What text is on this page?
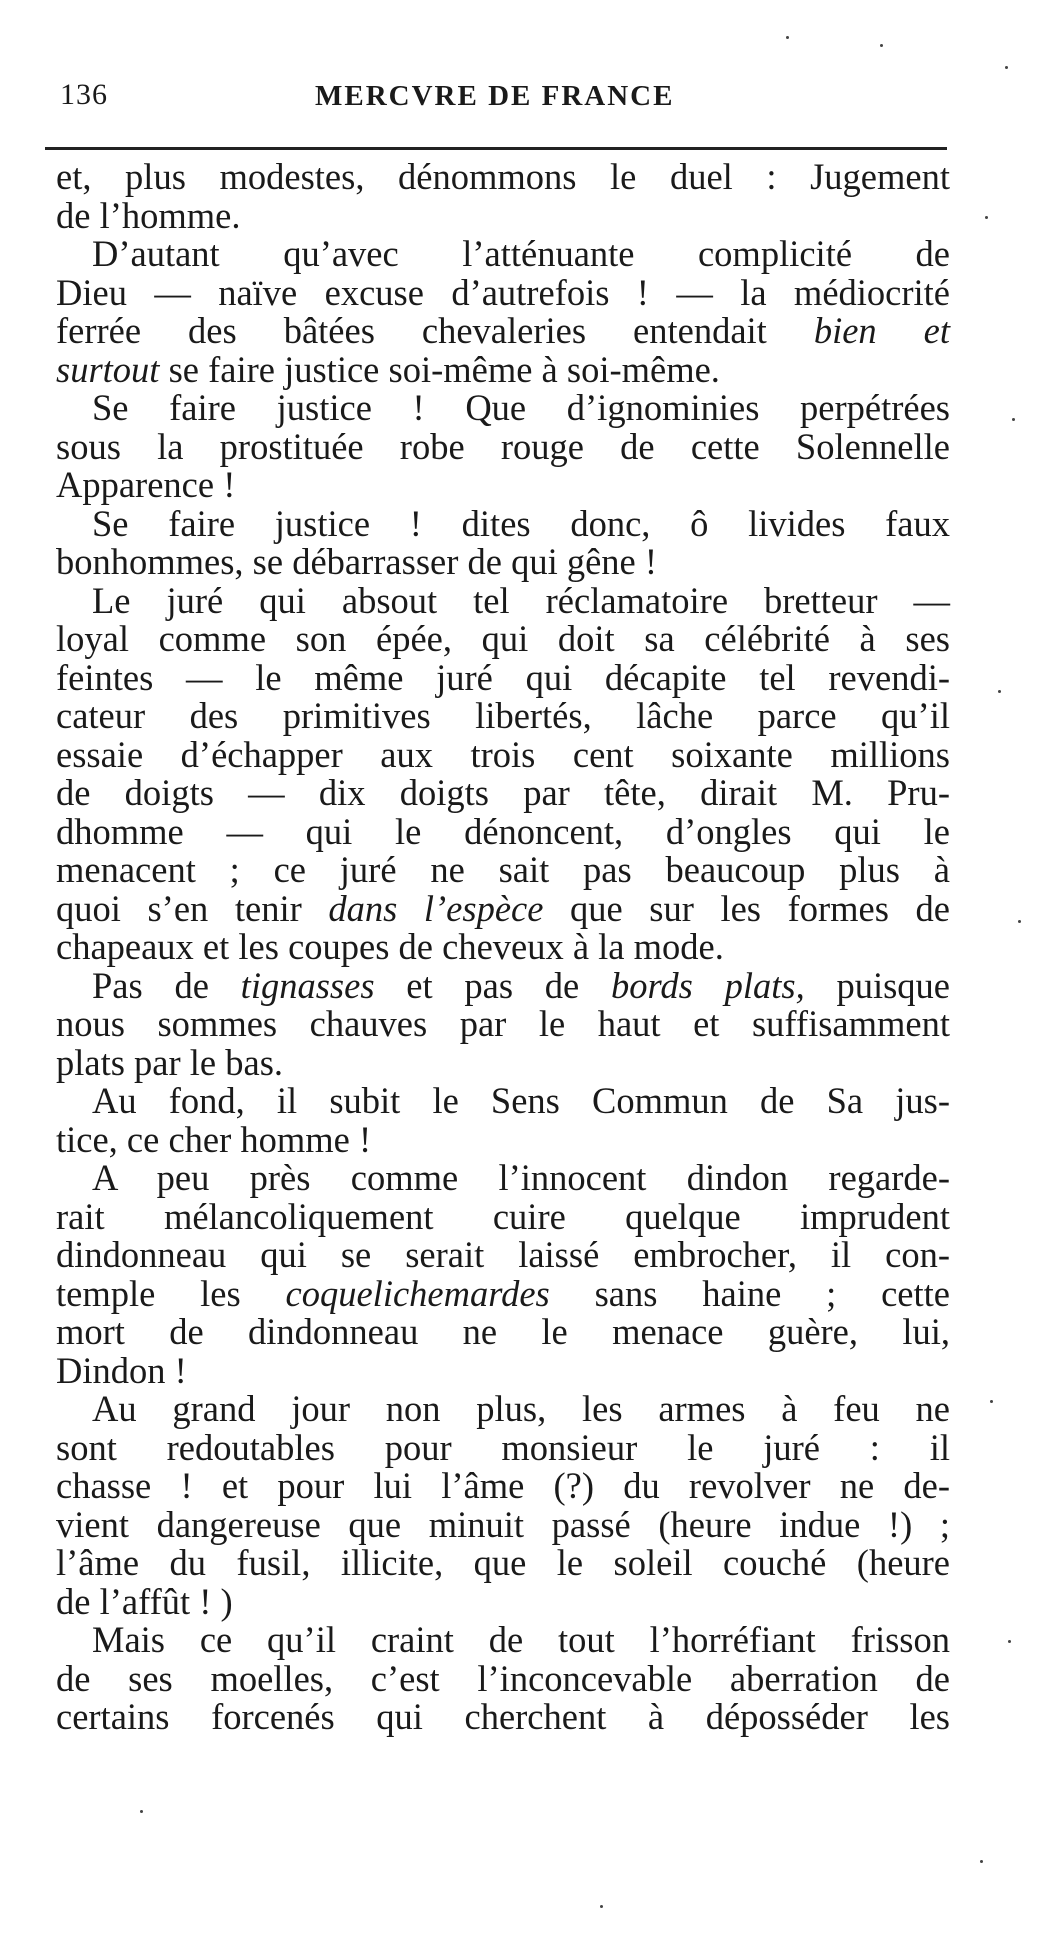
136	MERCVRE DE FRANCE
et, plus modestes, dénommons le duel : Jugement
de l’homme.
D’autant qu’avec l’atténuante complicité de
Dieu — naïve excuse d’autrefois ! — la médiocrité
ferrée des bâtées chevaleries entendait bien et
surtout se faire justice soi-même à soi-même.
Se faire justice ! Que d’ignominies perpétrées
sous la prostituée robe rouge de cette Solennelle
Apparence !
Se faire justice ! dites donc, ô livides faux
bonhommes, se débarrasser de qui gêne !
Le juré qui absout tel réclamatoire bretteur —
loyal comme son épée, qui doit sa célébrité à ses
feintes — le même juré qui décapite tel revendi-
cateur des primitives libertés, lâche parce qu’il
essaie d’échapper aux trois cent soixante millions
de doigts — dix doigts par tête, dirait M. Pru-
dhomme — qui le dénoncent, d’ongles qui le
menacent ; ce juré ne sait pas beaucoup plus à
quoi s’en tenir dans l’espèce que sur les formes de
chapeaux et les coupes de cheveux à la mode.
Pas de tignasses et pas de bords plats, puisque
nous sommes chauves par le haut et suffisamment
plats par le bas.
Au fond, il subit le Sens Commun de Sa jus-
tice, ce cher homme !
A peu près comme l’innocent dindon regarde-
rait mélancoliquement cuire quelque imprudent
dindonneau qui se serait laissé embrocher, il con-
temple les coquelichemardes sans haine ; cette
mort de dindonneau ne le menace guère, lui,
Dindon !
Au grand jour non plus, les armes à feu ne
sont redoutables pour monsieur le juré : il
chasse ! et pour lui l’âme (?) du revolver ne de-
vient dangereuse que minuit passé (heure indue !) ;
l’âme du fusil, illicite, que le soleil couché (heure
de l’affût ! )
Mais ce qu’il craint de tout l’horréfiant frisson
de ses moelles, c’est l’inconcevable aberration de
certains forcenés qui cherchent à déposséder les
